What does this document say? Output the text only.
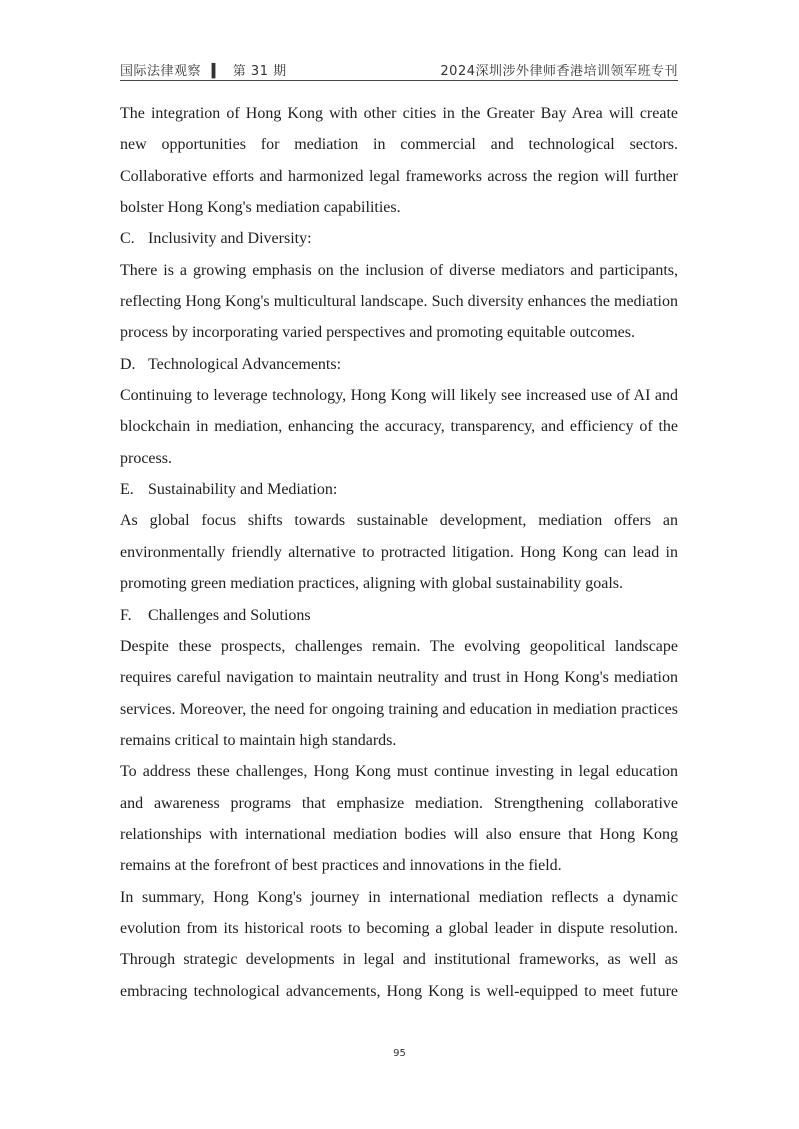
国际法律观察 ▍ 第 31 期	2024深圳涉外律师香港培训领军班专刊

The integration of Hong Kong with other cities in the Greater Bay Area will create new opportunities for mediation in commercial and technological sectors. Collaborative efforts and harmonized legal frameworks across the region will further bolster Hong Kong's mediation capabilities.

C. Inclusivity and Diversity:

There is a growing emphasis on the inclusion of diverse mediators and participants, reflecting Hong Kong's multicultural landscape. Such diversity enhances the mediation process by incorporating varied perspectives and promoting equitable outcomes.

D. Technological Advancements:

Continuing to leverage technology, Hong Kong will likely see increased use of AI and blockchain in mediation, enhancing the accuracy, transparency, and efficiency of the process.

E. Sustainability and Mediation:

As global focus shifts towards sustainable development, mediation offers an environmentally friendly alternative to protracted litigation. Hong Kong can lead in promoting green mediation practices, aligning with global sustainability goals.

F. Challenges and Solutions

Despite these prospects, challenges remain. The evolving geopolitical landscape requires careful navigation to maintain neutrality and trust in Hong Kong's mediation services. Moreover, the need for ongoing training and education in mediation practices remains critical to maintain high standards.

To address these challenges, Hong Kong must continue investing in legal education and awareness programs that emphasize mediation. Strengthening collaborative relationships with international mediation bodies will also ensure that Hong Kong remains at the forefront of best practices and innovations in the field.

In summary, Hong Kong's journey in international mediation reflects a dynamic evolution from its historical roots to becoming a global leader in dispute resolution. Through strategic developments in legal and institutional frameworks, as well as embracing technological advancements, Hong Kong is well-equipped to meet future

95
